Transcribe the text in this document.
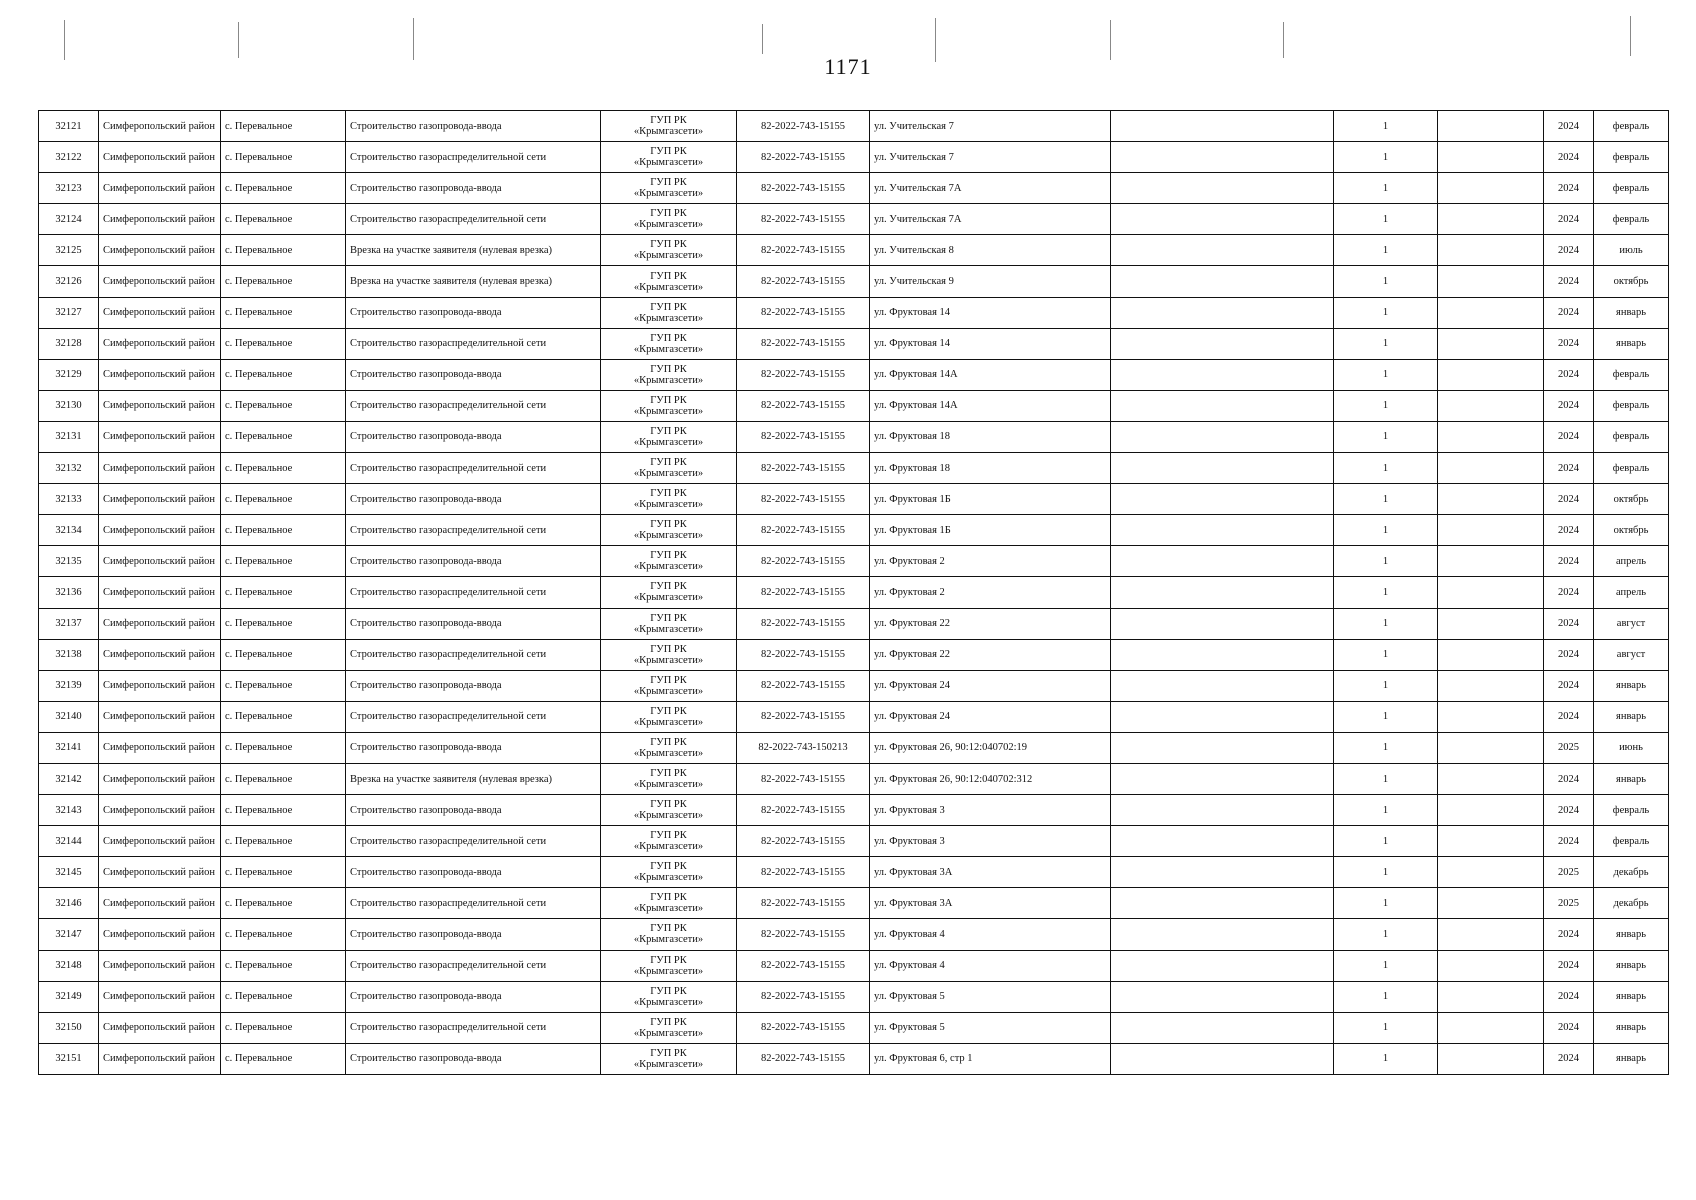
1171
32121	Симферопольский район	с. Перевальное	Строительство газопровода-ввода	ГУП РК
«Крымгазсети»	82-2022-743-15155	ул. Учительская 7		1		2024	февраль
32122	Симферопольский район	с. Перевальное	Строительство газораспределительной сети	ГУП РК
«Крымгазсети»	82-2022-743-15155	ул. Учительская 7		1		2024	февраль
32123	Симферопольский район	с. Перевальное	Строительство газопровода-ввода	ГУП РК
«Крымгазсети»	82-2022-743-15155	ул. Учительская 7А		1		2024	февраль
32124	Симферопольский район	с. Перевальное	Строительство газораспределительной сети	ГУП РК
«Крымгазсети»	82-2022-743-15155	ул. Учительская 7А		1		2024	февраль
32125	Симферопольский район	с. Перевальное	Врезка на участке заявителя (нулевая врезка)	ГУП РК
«Крымгазсети»	82-2022-743-15155	ул. Учительская 8		1		2024	июль
32126	Симферопольский район	с. Перевальное	Врезка на участке заявителя (нулевая врезка)	ГУП РК
«Крымгазсети»	82-2022-743-15155	ул. Учительская 9		1		2024	октябрь
32127	Симферопольский район	с. Перевальное	Строительство газопровода-ввода	ГУП РК
«Крымгазсети»	82-2022-743-15155	ул. Фруктовая 14		1		2024	январь
32128	Симферопольский район	с. Перевальное	Строительство газораспределительной сети	ГУП РК
«Крымгазсети»	82-2022-743-15155	ул. Фруктовая 14		1		2024	январь
32129	Симферопольский район	с. Перевальное	Строительство газопровода-ввода	ГУП РК
«Крымгазсети»	82-2022-743-15155	ул. Фруктовая 14А		1		2024	февраль
32130	Симферопольский район	с. Перевальное	Строительство газораспределительной сети	ГУП РК
«Крымгазсети»	82-2022-743-15155	ул. Фруктовая 14А		1		2024	февраль
32131	Симферопольский район	с. Перевальное	Строительство газопровода-ввода	ГУП РК
«Крымгазсети»	82-2022-743-15155	ул. Фруктовая 18		1		2024	февраль
32132	Симферопольский район	с. Перевальное	Строительство газораспределительной сети	ГУП РК
«Крымгазсети»	82-2022-743-15155	ул. Фруктовая 18		1		2024	февраль
32133	Симферопольский район	с. Перевальное	Строительство газопровода-ввода	ГУП РК
«Крымгазсети»	82-2022-743-15155	ул. Фруктовая 1Б		1		2024	октябрь
32134	Симферопольский район	с. Перевальное	Строительство газораспределительной сети	ГУП РК
«Крымгазсети»	82-2022-743-15155	ул. Фруктовая 1Б		1		2024	октябрь
32135	Симферопольский район	с. Перевальное	Строительство газопровода-ввода	ГУП РК
«Крымгазсети»	82-2022-743-15155	ул. Фруктовая 2		1		2024	апрель
32136	Симферопольский район	с. Перевальное	Строительство газораспределительной сети	ГУП РК
«Крымгазсети»	82-2022-743-15155	ул. Фруктовая 2		1		2024	апрель
32137	Симферопольский район	с. Перевальное	Строительство газопровода-ввода	ГУП РК
«Крымгазсети»	82-2022-743-15155	ул. Фруктовая 22		1		2024	август
32138	Симферопольский район	с. Перевальное	Строительство газораспределительной сети	ГУП РК
«Крымгазсети»	82-2022-743-15155	ул. Фруктовая 22		1		2024	август
32139	Симферопольский район	с. Перевальное	Строительство газопровода-ввода	ГУП РК
«Крымгазсети»	82-2022-743-15155	ул. Фруктовая 24		1		2024	январь
32140	Симферопольский район	с. Перевальное	Строительство газораспределительной сети	ГУП РК
«Крымгазсети»	82-2022-743-15155	ул. Фруктовая 24		1		2024	январь
32141	Симферопольский район	с. Перевальное	Строительство газопровода-ввода	ГУП РК
«Крымгазсети»	82-2022-743-150213	ул. Фруктовая 26, 90:12:040702:19		1		2025	июнь
32142	Симферопольский район	с. Перевальное	Врезка на участке заявителя (нулевая врезка)	ГУП РК
«Крымгазсети»	82-2022-743-15155	ул. Фруктовая 26, 90:12:040702:312		1		2024	январь
32143	Симферопольский район	с. Перевальное	Строительство газопровода-ввода	ГУП РК
«Крымгазсети»	82-2022-743-15155	ул. Фруктовая 3		1		2024	февраль
32144	Симферопольский район	с. Перевальное	Строительство газораспределительной сети	ГУП РК
«Крымгазсети»	82-2022-743-15155	ул. Фруктовая 3		1		2024	февраль
32145	Симферопольский район	с. Перевальное	Строительство газопровода-ввода	ГУП РК
«Крымгазсети»	82-2022-743-15155	ул. Фруктовая 3А		1		2025	декабрь
32146	Симферопольский район	с. Перевальное	Строительство газораспределительной сети	ГУП РК
«Крымгазсети»	82-2022-743-15155	ул. Фруктовая 3А		1		2025	декабрь
32147	Симферопольский район	с. Перевальное	Строительство газопровода-ввода	ГУП РК
«Крымгазсети»	82-2022-743-15155	ул. Фруктовая 4		1		2024	январь
32148	Симферопольский район	с. Перевальное	Строительство газораспределительной сети	ГУП РК
«Крымгазсети»	82-2022-743-15155	ул. Фруктовая 4		1		2024	январь
32149	Симферопольский район	с. Перевальное	Строительство газопровода-ввода	ГУП РК
«Крымгазсети»	82-2022-743-15155	ул. Фруктовая 5		1		2024	январь
32150	Симферопольский район	с. Перевальное	Строительство газораспределительной сети	ГУП РК
«Крымгазсети»	82-2022-743-15155	ул. Фруктовая 5		1		2024	январь
32151	Симферопольский район	с. Перевальное	Строительство газопровода-ввода	ГУП РК
«Крымгазсети»	82-2022-743-15155	ул. Фруктовая 6, стр 1		1		2024	январь
